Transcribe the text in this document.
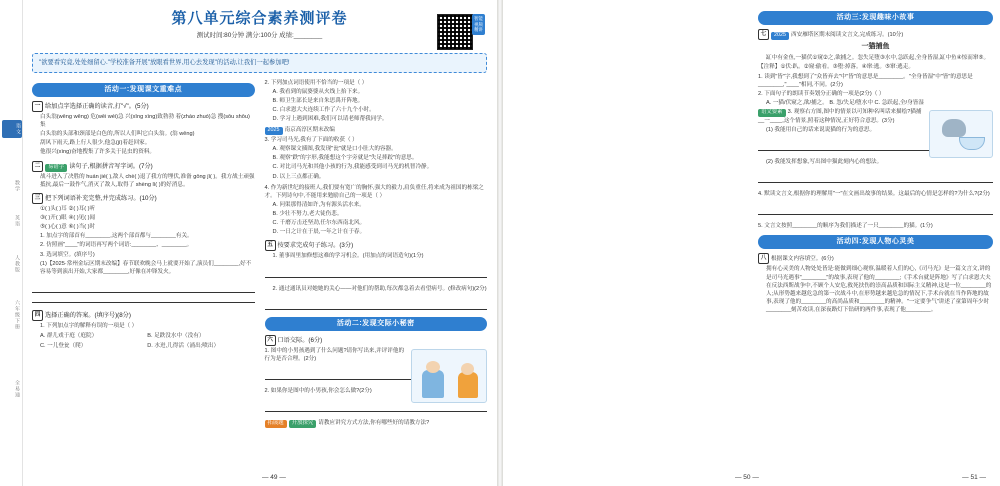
语文
数学
英语
人教版
六年级下册
全易通
第八单元综合素养测评卷
测试时间:80分钟 满分:100分 成绩:________
智能 视频 精讲
"欲要看究竟,处处细留心."学校准备开展"放眼看世界,用心去发现"的活动,让我们一起参加吧!
活动一:发现课文重难点
一 给加点字选择正确的读音,打"√"。(5分)
白头翁(wēng wěng) 危(wēi wéi)急 兴(xīng xìng)致勃勃 着(zháo zhuó)急 搜(sōu shōu)集
白头翁的头部和颈部是白色的,所以人们叫它白头翁。(翁 wēng)
刮风下雨天,路上行人很少,他急(jí)着赶回家。
他很兴(xìng)奋地搜集了许多关于昆虫的资料。
二 易错字 读句子,根据拼音写字词。(7分)
战斗进入了决胜的 huán jié( ),敌人 chè( )退了我方的埋伏,准备 gōng jī( )。我方战士顽强抵抗,最后一鼓作气,消灭了敌人,取得了 shèng lì( )的好消息。
三 把下列词语补充完整,并完成练习。(10分)
①( )头( )耳 ②( )耳( )听
③( )开( )眼 ④( )见( )闻
⑤( )心( )意 ⑥( )当( )时
1. 加点字的部首有________,这两个部首都与________有关。
2. 仿照画"____"的词语再写两个词语:________、________。
3. 选词填空。(填序号)
(1)【2025·常州金坛区期末改编】春节联欢晚会马上就要开始了,演员们________,好不容易等到演出开始,大家都________,好像在冲锋发火。
四 选择正确的答案。(填序号)(8分)
1. 下列加点字的解释有误的一项是（ ）
A. 群儿戏于庭（庭院）	B. 足跌没水中（没有）
C. 一儿登瓮（爬）	D. 水迸,儿得活（涌出;喷出）
2. 下列加点词语使用不恰当的一项是（ ）
A. 我看到的鼠婆婆从火线上抬下来。
B. 师卫生部长是来自朱思禹开阵地。
C. 白求恩大夫连续工作了六十九个小时。
D. 学习上遇到困难,我们可以请老师帮我同学。
2025 南京高淳区期末改编
3. 学习司马光,我有了下面的收获（ ）
A. 观察课文插图,我发现"瓮"就是口小肚大的容器。
B. 观察"跌"的字形,我能想这个字旁就是"失足摔跤"的意思。
C. 对比司马光和其他小孩的行为,我能感受到司马光的机智冷静。
D. 以上三点都正确。
4. 作为新世纪的接班人,我们要有宽广的胸怀,强大的毅力,肩负重任,将来成为祖国的栋梁之才。下列诗句中,不能用来勉励自己的一项是（ ）
A. 问渠那得清如许,为有源头活水来。
B. 少壮不努力,老大徒伤悲。
C. 千磨万击还坚劲,任尔东西南北风。
D. 一日之计在于晨,一年之计在于春。
五 按要求完成句子练习。(3分)
1. 董事周里加修想这难的学习机会。(用加点的词语造句)(1分)
2. 通过通讯员对她她的关心——对他们的帮助,每次都急着去看望病号。(修改病句)(2分)
活动二:发现交际小秘密
六 口语交际。(6分)
1. 图中的小男孩遇到了什么问题?请你写出来,并评评他的行为是否合理。(2分)
2. 如果你是图中的小男孩,你会怎么做?(2分)
拓展题 开放探究 请教应讲究方式方法,你有哪些好的请教方法?
— 49 —
活动三:发现趣味小故事
七 2025 西安雁塔区期末阅读文言文,完成练习。(10分)
一猫捕鱼
缸中有金鱼,一猫伏①窥②之,欲捕之。忽失足堕③水中,急跃起,全身皆湿,缸中鱼④惊而窜⑤。
【注释】①伏:趴。②窥:偷看。③堕:掉落。④窜:逃。⑤窜:逃走。
1. 读到"皆"字,我想到了"众皆弃去"中"皆"的意思是________。"全身皆湿"中"皆"的意思是________,"____"相同,不同。(2分)
2. 下面句子的朗读节奏划分正确的一项是(2分)（ ）
A. 一猫/伏窥之,欲/捕之。 B. 忽/失足/堕水中 C. 急跃起,全/身皆湿
语文要素 3. 观察右方图,图中的情景以可知种名叫话来描绘?猫捕__一____,这个情景,照着这种情况,正好符合意思。(3分)
(1) 我能用自己的话来说说猫的行为的意思。
(2) 我能发挥想象,写出图中猫此刻内心的想法。
4. 默读文言文,根据你的理解用"一"在文画出故事的结果。这最后的心情是怎样的?为什么?(2分)
5. 文言文按照________的顺序为我们描述了一只________的猫。(1分)
活动四:发现人物心灵美
八 根据课文内容填空。(6分)
拥有心灵美的人物处处皆是:能做到细心观察,温暖着人们的心,《司马光》是一篇文言文,讲的是司马光遇事"________"的故事,表现了他的________;《手术台就是阵地》写了白求恩大夫在反法西斯战争中,不顾个人安危,救死扶伤的崇高品质和国际主义精神,这是一位________的人;从形势越来越危急的第一次战斗中,在形势越来越危急的情况下,手术台就在当作阵地的故事,表现了他的________的高尚品质和________的精神。"一定要争气"讲述了童第周年少时________刻苦攻读,在深夜路灯下钻研的两件事,表现了他________。
— 50 —	— 51 —
